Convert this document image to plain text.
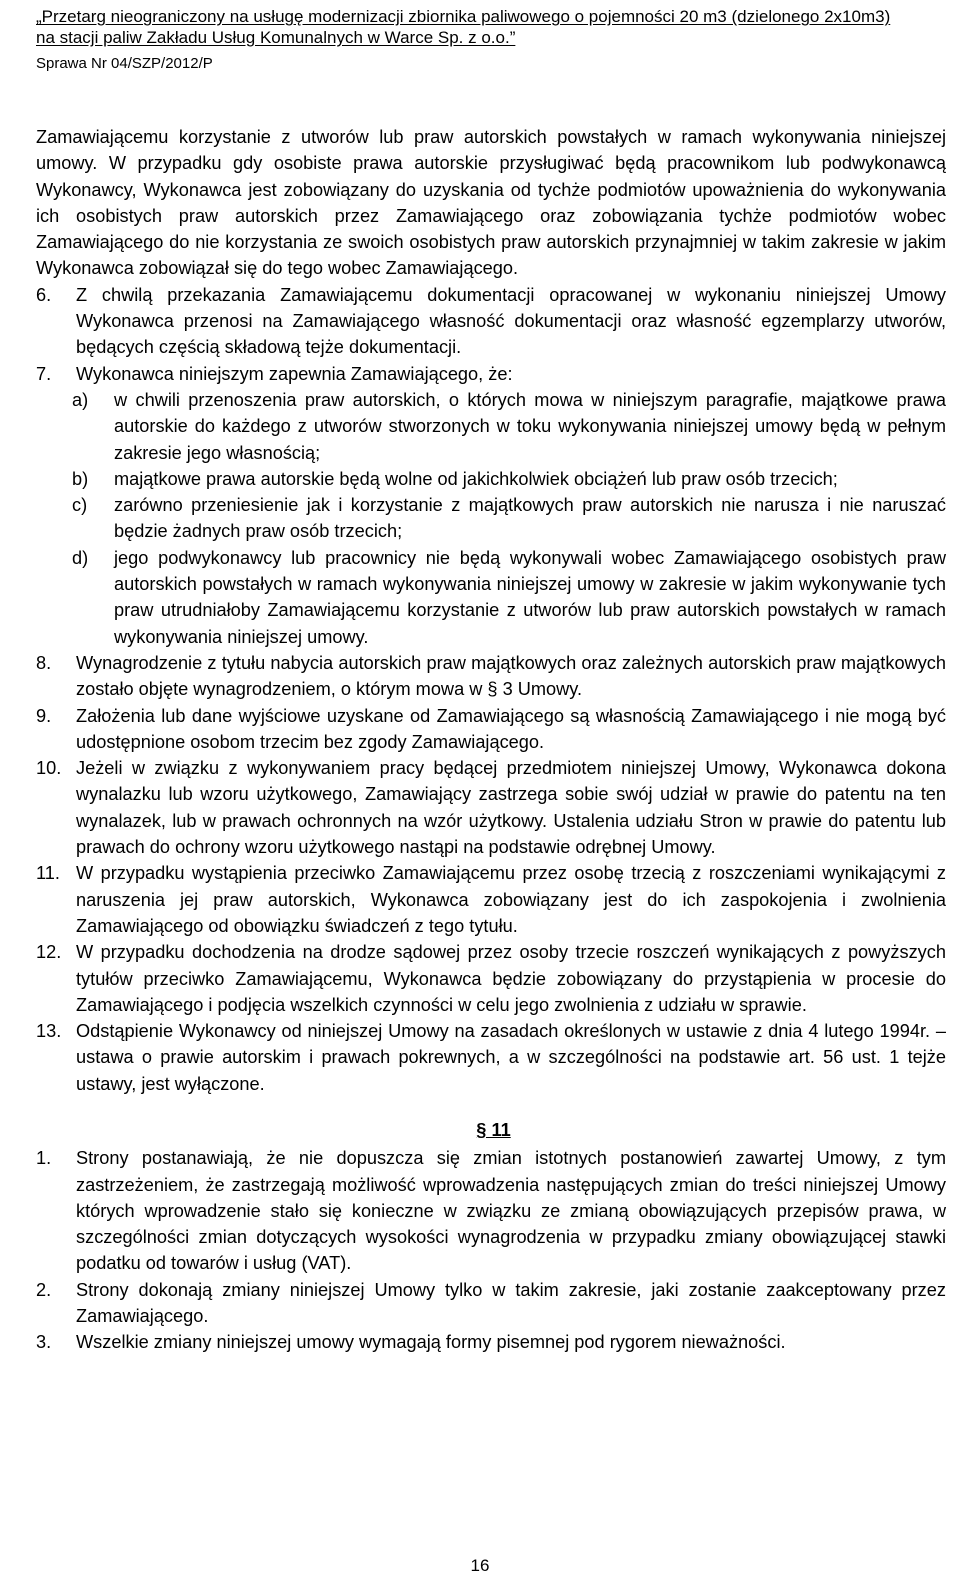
„Przetarg nieograniczony na usługę modernizacji zbiornika paliwowego o pojemności 20 m3 (dzielonego 2x10m3)
na stacji paliw Zakładu Usług Komunalnych w Warce Sp. z o.o.”
Sprawa Nr 04/SZP/2012/P
Zamawiającemu korzystanie z utworów lub praw autorskich powstałych w ramach wykonywania niniejszej umowy. W przypadku gdy osobiste prawa autorskie przysługiwać będą pracownikom lub podwykonawcą Wykonawcy, Wykonawca jest zobowiązany do uzyskania od tychże podmiotów upoważnienia do wykonywania ich osobistych praw autorskich przez Zamawiającego oraz zobowiązania tychże podmiotów wobec Zamawiającego do nie korzystania ze swoich osobistych praw autorskich przynajmniej w takim zakresie w jakim Wykonawca zobowiązał się do tego wobec Zamawiającego.
6. Z chwilą przekazania Zamawiającemu dokumentacji opracowanej w wykonaniu niniejszej Umowy Wykonawca przenosi na Zamawiającego własność dokumentacji oraz własność egzemplarzy utworów, będących częścią składową tejże dokumentacji.
7. Wykonawca niniejszym zapewnia Zamawiającego, że:
a) w chwili przenoszenia praw autorskich, o których mowa w niniejszym paragrafie, majątkowe prawa autorskie do każdego z utworów stworzonych w toku wykonywania niniejszej umowy będą w pełnym zakresie jego własnością;
b) majątkowe prawa autorskie będą wolne od jakichkolwiek obciążeń lub praw osób trzecich;
c) zarówno przeniesienie jak i korzystanie z majątkowych praw autorskich nie narusza i nie naruszać będzie żadnych praw osób trzecich;
d) jego podwykonawcy lub pracownicy nie będą wykonywali wobec Zamawiającego osobistych praw autorskich powstałych w ramach wykonywania niniejszej umowy w zakresie w jakim wykonywanie tych praw utrudniałoby Zamawiającemu korzystanie z utworów lub praw autorskich powstałych w ramach wykonywania niniejszej umowy.
8. Wynagrodzenie z tytułu nabycia autorskich praw majątkowych oraz zależnych autorskich praw majątkowych zostało objęte wynagrodzeniem, o którym mowa w § 3 Umowy.
9. Założenia lub dane wyjściowe uzyskane od Zamawiającego są własnością Zamawiającego i nie mogą być udostępnione osobom trzecim bez zgody Zamawiającego.
10. Jeżeli w związku z wykonywaniem pracy będącej przedmiotem niniejszej Umowy, Wykonawca dokona wynalazku lub wzoru użytkowego, Zamawiający zastrzega sobie swój udział w prawie do patentu na ten wynalazek, lub w prawach ochronnych na wzór użytkowy. Ustalenia udziału Stron w prawie do patentu lub prawach do ochrony wzoru użytkowego nastąpi na podstawie odrębnej Umowy.
11. W przypadku wystąpienia przeciwko Zamawiającemu przez osobę trzecią z roszczeniami wynikającymi z naruszenia jej praw autorskich, Wykonawca zobowiązany jest do ich zaspokojenia i zwolnienia Zamawiającego od obowiązku świadczeń z tego tytułu.
12. W przypadku dochodzenia na drodze sądowej przez osoby trzecie roszczeń wynikających z powyższych tytułów przeciwko Zamawiającemu, Wykonawca będzie zobowiązany do przystąpienia w procesie do Zamawiającego i podjęcia wszelkich czynności w celu jego zwolnienia z udziału w sprawie.
13. Odstąpienie Wykonawcy od niniejszej Umowy na zasadach określonych w ustawie z dnia 4 lutego 1994r. – ustawa o prawie autorskim i prawach pokrewnych, a w szczególności na podstawie art. 56 ust. 1 tejże ustawy, jest wyłączone.
§ 11
1. Strony postanawiają, że nie dopuszcza się zmian istotnych postanowień zawartej Umowy, z tym zastrzeżeniem, że zastrzegają możliwość wprowadzenia następujących zmian do treści niniejszej Umowy których wprowadzenie stało się konieczne w związku ze zmianą obowiązujących przepisów prawa, w szczególności zmian dotyczących wysokości wynagrodzenia w przypadku zmiany obowiązującej stawki podatku od towarów i usług (VAT).
2. Strony dokonają zmiany niniejszej Umowy tylko w takim zakresie, jaki zostanie zaakceptowany przez Zamawiającego.
3. Wszelkie zmiany niniejszej umowy wymagają formy pisemnej pod rygorem nieważności.
16
